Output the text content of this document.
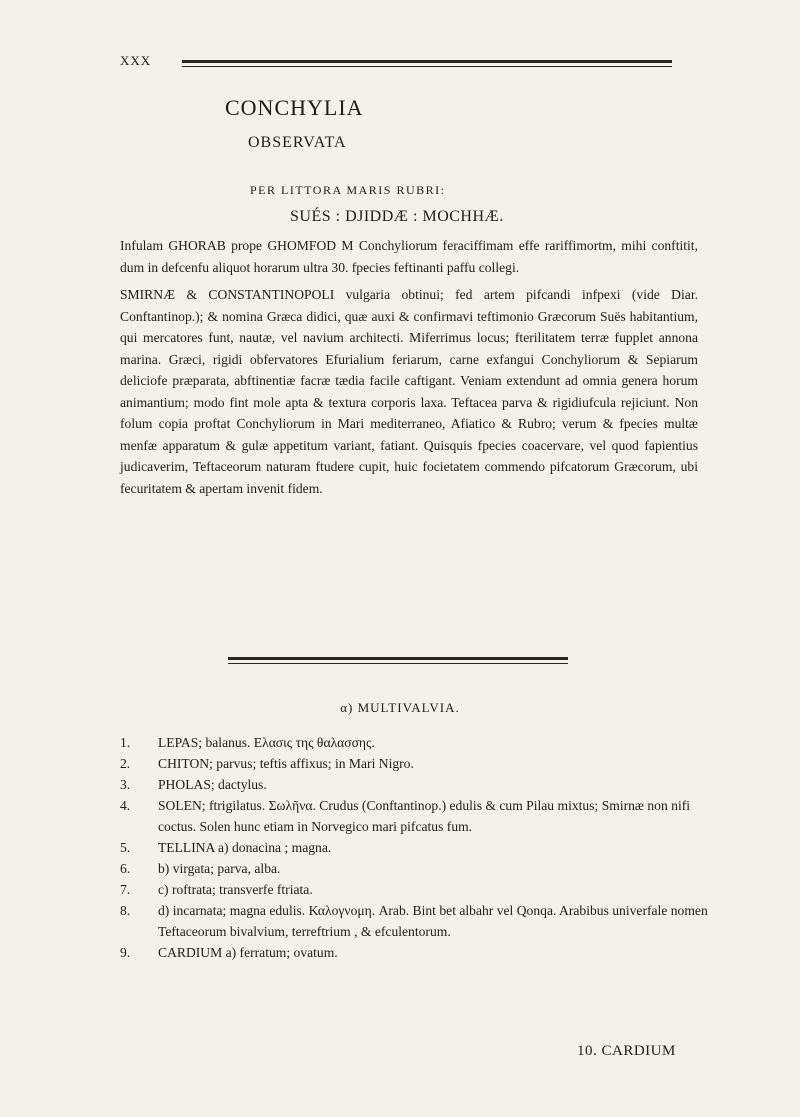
XXX
CONCHYLIA
OBSERVATA
PER LITTORA MARIS RUBRI:
SUÉS : DJIDDÆ : MOCHHÆ.

Infulam GHORAB prope GHOMFOD M Conchyliorum feraciffimam effe rariffimortm, mihi conftitit, dum in defcenfu aliquot horarum ultra 30. fpecies feftinanti paffu collegi.

SMIRNÆ & CONSTANTINOPOLI vulgaria obtinui; fed artem pifcandi infpexi (vide Diar. Conftantinop.); & nomina Græca didici, quæ auxi & confirmavi teftimonio Græcorum Suës habitantium, qui mercatores funt, nautæ, vel navium architecti. Miferrimus locus; fterilitatem terræ fupplet annona marina. Græci, rigidi obfervatores Efurialium feriarum, carne exfangui Conchyliorum & Sepiarum deliciofe præparata, abftinentiæ facræ tædia facile caftigant. Veniam extendunt ad omnia genera horum animantium; modo fint mole apta & textura corporis laxa. Teftacea parva & rigidiufcula rejiciunt. Non folum copia proftat Conchyliorum in Mari mediterraneo, Afiatico & Rubro; verum & fpecies multæ menfæ apparatum & gulæ appetitum variant, fatiant. Quisquis fpecies coacervare, vel quod fapientius judicaverim, Teftaceorum naturam ftudere cupit, huic focietatem commendo pifcatorum Græcorum, ubi fecuritatem & apertam invenit fidem.

α) MULTIVALVIA.
1.	LEPAS; balanus. Ελασις της θαλασσης.
2.	CHITON; parvus; teftis affixus; in Mari Nigro.
3.	PHOLAS; dactylus.
4.	SOLEN; ftrigilatus. Σωλῆνα. Crudus (Conftantinop.) edulis & cum Pilau mixtus; Smirnæ non nifi coctus. Solen hunc etiam in Norvegico mari pifcatus fum.
5.	TELLINA a) donacina ; magna.
6.	b) virgata; parva, alba.
7.	c) roftrata; transverfe ftriata.
8.	d) incarnata; magna edulis. Καλογνομη. Arab. Bint bet albahr vel Qonqa. Arabibus univerfale nomen Teftaceorum bivalvium, terreftrium , & efculentorum.
9.	CARDIUM a) ferratum; ovatum.
10. CARDIUM
